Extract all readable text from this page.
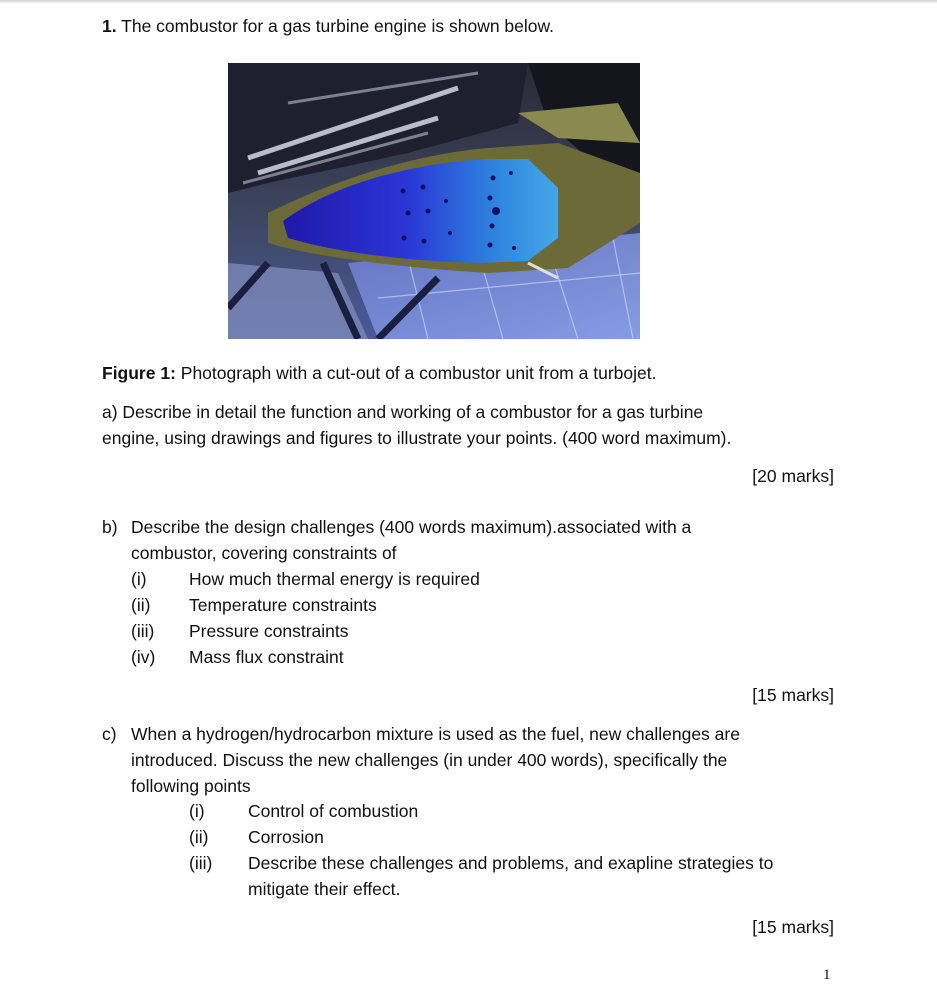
1. The combustor for a gas turbine engine is shown below.
Figure 1: Photograph with a cut-out of a combustor unit from a turbojet.
a) Describe in detail the function and working of a combustor for a gas turbine
engine, using drawings and figures to illustrate your points. (400 word maximum).
[20 marks]
b) Describe the design challenges (400 words maximum).associated with a
combustor, covering constraints of
(i) How much thermal energy is required
(ii) Temperature constraints
(iii) Pressure constraints
(iv) Mass flux constraint
[15 marks]
c) When a hydrogen/hydrocarbon mixture is used as the fuel, new challenges are
introduced. Discuss the new challenges (in under 400 words), specifically the
following points
(i) Control of combustion
(ii) Corrosion
(iii) Describe these challenges and problems, and exapline strategies to
mitigate their effect.
[15 marks]
1
